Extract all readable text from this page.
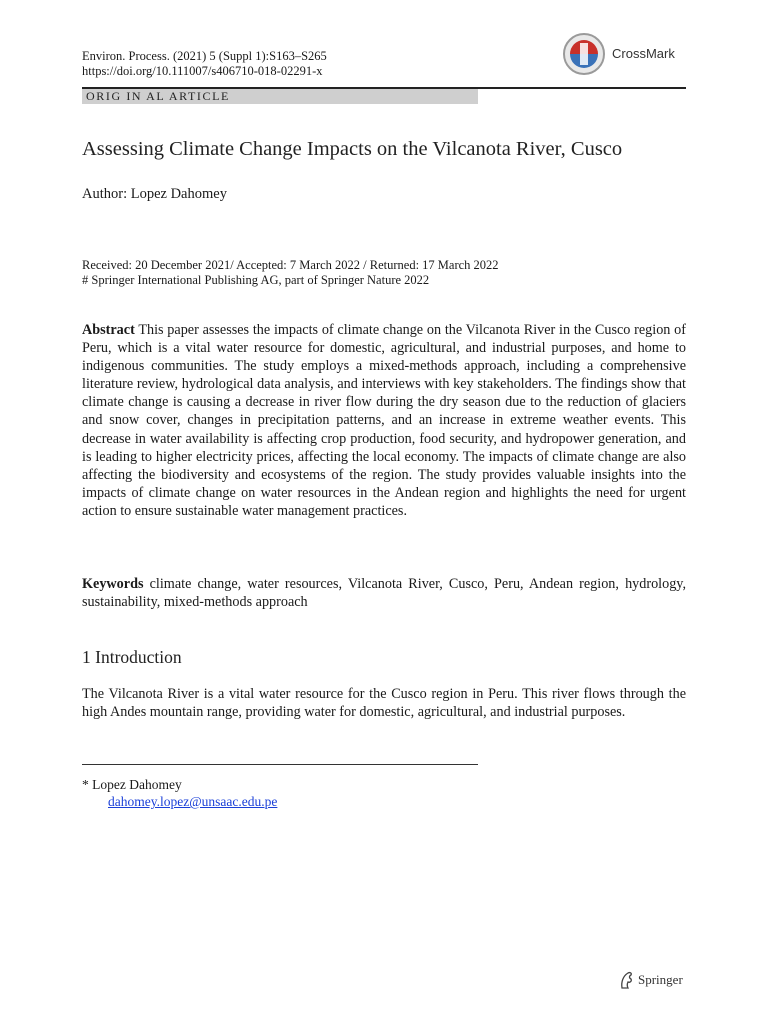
Environ. Process. (2021) 5 (Suppl 1):S163–S265
https://doi.org/10.111007/s406710-018-02291-x
CrossMark
ORIG IN AL ARTICLE
Assessing Climate Change Impacts on the Vilcanota River, Cusco
Author: Lopez Dahomey
Received: 20 December 2021/ Accepted: 7 March 2022 / Returned: 17 March 2022
# Springer International Publishing AG, part of Springer Nature 2022
Abstract This paper assesses the impacts of climate change on the Vilcanota River in the Cusco region of Peru, which is a vital water resource for domestic, agricultural, and industrial purposes, and home to indigenous communities. The study employs a mixed-methods approach, including a comprehensive literature review, hydrological data analysis, and interviews with key stakeholders. The findings show that climate change is causing a decrease in river flow during the dry season due to the reduction of glaciers and snow cover, changes in precipitation patterns, and an increase in extreme weather events. This decrease in water availability is affecting crop production, food security, and hydropower generation, and is leading to higher electricity prices, affecting the local economy. The impacts of climate change are also affecting the biodiversity and ecosystems of the region. The study provides valuable insights into the impacts of climate change on water resources in the Andean region and highlights the need for urgent action to ensure sustainable water management practices.
Keywords climate change, water resources, Vilcanota River, Cusco, Peru, Andean region, hydrology, sustainability, mixed-methods approach
1 Introduction
The Vilcanota River is a vital water resource for the Cusco region in Peru. This river flows through the high Andes mountain range, providing water for domestic, agricultural, and industrial purposes.
* Lopez Dahomey
dahomey.lopez@unsaac.edu.pe
Springer
